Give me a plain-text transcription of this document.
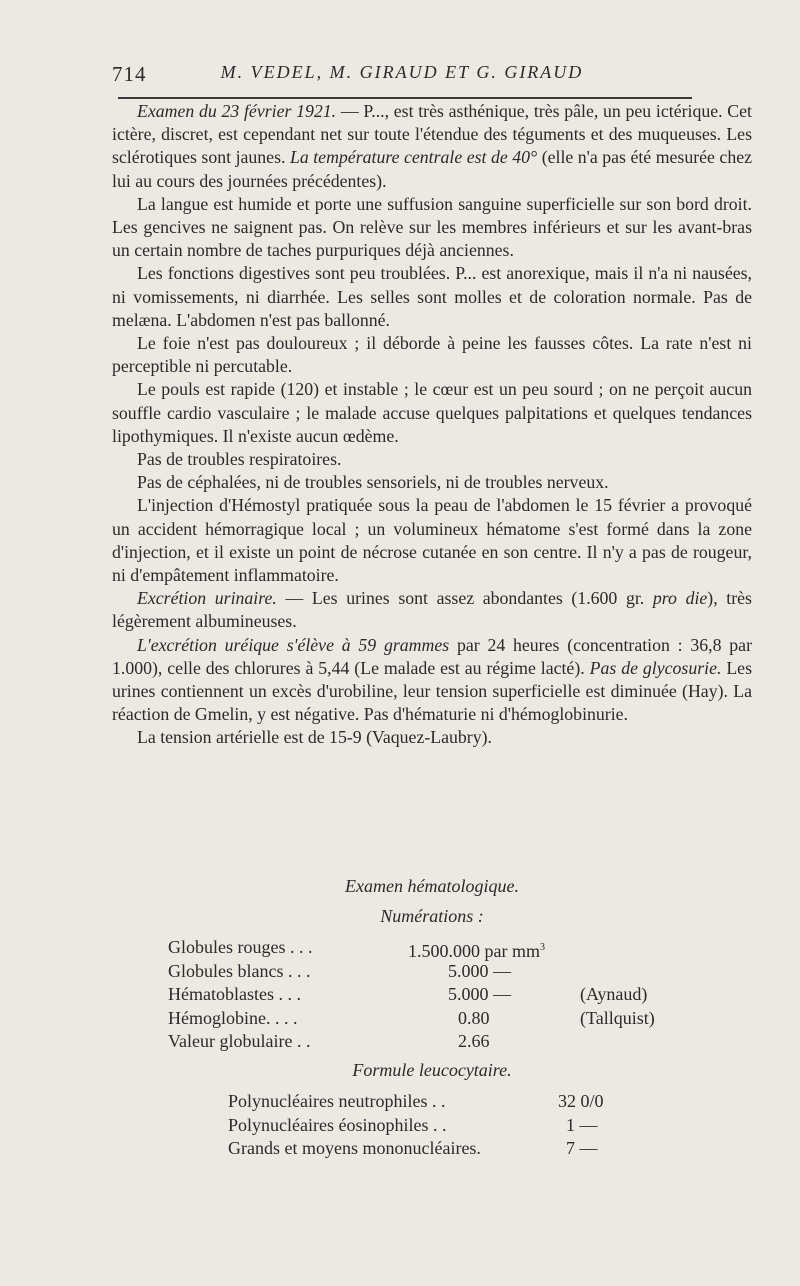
714	M. VEDEL, M. GIRAUD ET G. GIRAUD

Examen du 23 février 1921. — P..., est très asthénique, très pâle, un peu ictérique. Cet ictère, discret, est cependant net sur toute l'étendue des téguments et des muqueuses. Les sclérotiques sont jaunes. La température centrale est de 40° (elle n'a pas été mesurée chez lui au cours des journées précédentes).

La langue est humide et porte une suffusion sanguine superficielle sur son bord droit. Les gencives ne saignent pas. On relève sur les membres inférieurs et sur les avant-bras un certain nombre de taches purpuriques déjà anciennes.

Les fonctions digestives sont peu troublées. P... est anorexique, mais il n'a ni nausées, ni vomissements, ni diarrhée. Les selles sont molles et de coloration normale. Pas de melæna. L'abdomen n'est pas ballonné.

Le foie n'est pas douloureux ; il déborde à peine les fausses côtes. La rate n'est ni perceptible ni percutable.

Le pouls est rapide (120) et instable ; le cœur est un peu sourd ; on ne perçoit aucun souffle cardio vasculaire ; le malade accuse quelques palpitations et quelques tendances lipothymiques. Il n'existe aucun œdème.

Pas de troubles respiratoires.

Pas de céphalées, ni de troubles sensoriels, ni de troubles nerveux.

L'injection d'Hémostyl pratiquée sous la peau de l'abdomen le 15 février a provoqué un accident hémorragique local ; un volumineux hématome s'est formé dans la zone d'injection, et il existe un point de nécrose cutanée en son centre. Il n'y a pas de rougeur, ni d'empâtement inflammatoire.

Excrétion urinaire. — Les urines sont assez abondantes (1.600 gr. pro die), très légèrement albumineuses.

L'excrétion uréique s'élève à 59 grammes par 24 heures (concentration : 36,8 par 1.000), celle des chlorures à 5,44 (Le malade est au régime lacté). Pas de glycosurie. Les urines contiennent un excès d'urobiline, leur tension superficielle est diminuée (Hay). La réaction de Gmelin, y est négative. Pas d'hématurie ni d'hémoglobinurie.

La tension artérielle est de 15-9 (Vaquez-Laubry).

Examen hématologique.
Numérations :
Globules rouges . . .	1.500.000 par $mm^3$
Globules blancs . . .	5.000 —
Hématoblastes . . .	5.000 —	(Aynaud)
Hémoglobine. . . .	0.80	(Tallquist)
Valeur globulaire . .	2.66
Formule leucocytaire.
Polynucléaires neutrophiles . .	32 0/0
Polynucléaires éosinophiles . .	1 —
Grands et moyens mononucléaires.	7 —
